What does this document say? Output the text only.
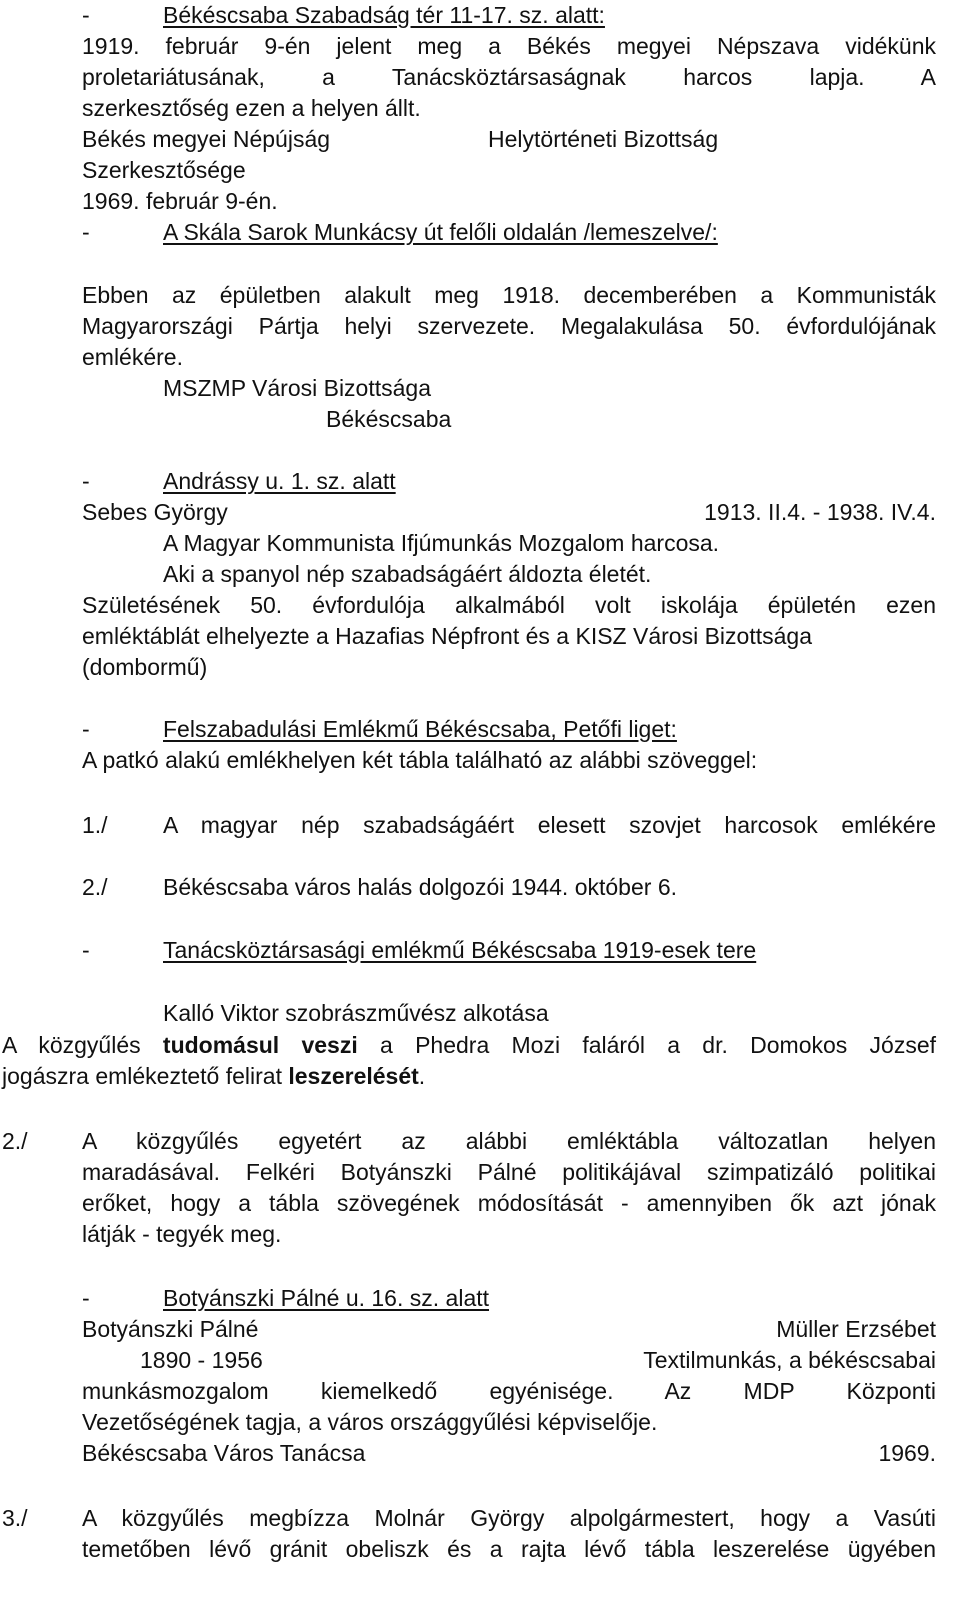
-	Békéscsaba Szabadság tér 11-17. sz. alatt:
1919. február 9-én jelent meg a Békés megyei Népszava vidékünk
proletariátusának, a Tanácsköztársaságnak harcos lapja. A
szerkesztőség ezen a helyen állt.
Békés megyei Népújság	Helytörténeti Bizottság
Szerkesztősége
1969. február 9-én.
-	A Skála Sarok Munkácsy út felőli oldalán /lemeszelve/:
Ebben az épületben alakult meg 1918. decemberében a Kommunisták
Magyarországi Pártja helyi szervezete. Megalakulása 50. évfordulójának
emlékére.
MSZMP Városi Bizottsága
Békéscsaba
-	Andrássy u. 1. sz. alatt
Sebes György	1913. II.4. - 1938. IV.4.
A Magyar Kommunista Ifjúmunkás Mozgalom harcosa.
Aki a spanyol nép szabadságáért áldozta életét.
Születésének 50. évfordulója alkalmából volt iskolája épületén ezen
emléktáblát elhelyezte a Hazafias Népfront és a KISZ Városi Bizottsága
(dombormű)
-	Felszabadulási Emlékmű Békéscsaba, Petőfi liget:
A patkó alakú emlékhelyen két tábla található az alábbi szöveggel:
1./ A magyar nép szabadságáért elesett szovjet harcosok emlékére
2./ Békéscsaba város halás dolgozói 1944. október 6.
-	Tanácsköztársasági emlékmű Békéscsaba 1919-esek tere
Kalló Viktor szobrászművész alkotása
A közgyűlés tudomásul veszi a Phedra Mozi faláról a dr. Domokos József
jogászra emlékeztető felirat leszerelését.
2./ A közgyűlés egyetért az alábbi emléktábla változatlan helyen
maradásával. Felkéri Botyánszki Pálné politikájával szimpatizáló politikai
erőket, hogy a tábla szövegének módosítását - amennyiben ők azt jónak
látják - tegyék meg.
-	Botyánszki Pálné u. 16. sz. alatt
Botyánszki Pálné	Müller Erzsébet
1890 - 1956	Textilmunkás, a békéscsabai
munkásmozgalom kiemelkedő egyénisége. Az MDP Központi
Vezetőségének tagja, a város országgyűlési képviselője.
Békéscsaba Város Tanácsa	1969.
3./ A közgyűlés megbízza Molnár György alpolgármestert, hogy a Vasúti
temetőben lévő gránit obeliszk és a rajta lévő tábla leszerelése ügyében
